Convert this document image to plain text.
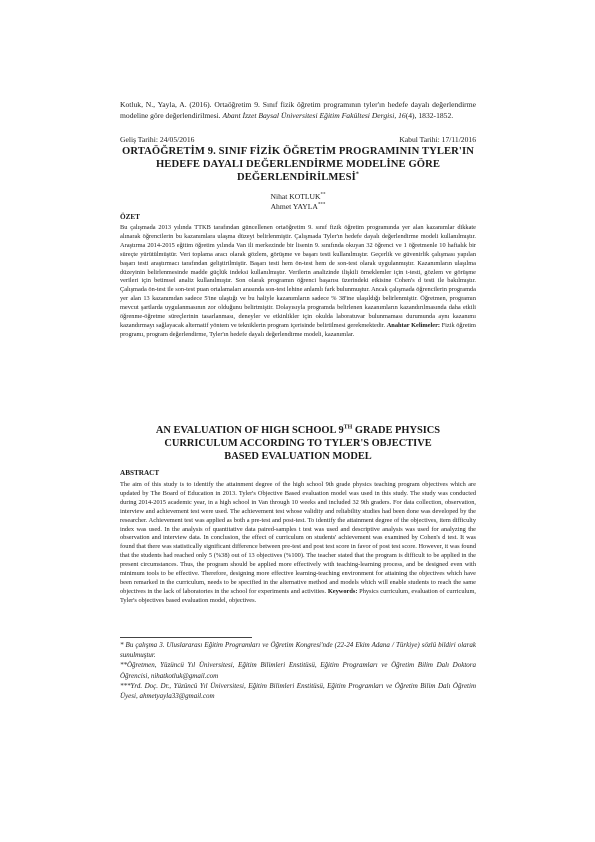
Kotluk, N., Yayla, A. (2016). Ortaöğretim 9. Sınıf fizik öğretim programının tyler'ın hedefe dayalı değerlendirme modeline göre değerlendirilmesi. Abant İzzet Baysal Üniversitesi Eğitim Fakültesi Dergisi, 16(4), 1832-1852.
Geliş Tarihi: 24/05/2016	Kabul Tarihi: 17/11/2016
ORTAÖĞRETİM 9. SINIF FİZİK ÖĞRETİM PROGRAMININ TYLER'IN HEDEFE DAYALI DEĞERLENDİRME MODELİNE GÖRE DEĞERLENDİRİLMESİ*
Nihat KOTLUK**
Ahmet YAYLA***
ÖZET
Bu çalışmada 2013 yılında TTKB tarafından güncellenen ortaöğretim 9. sınıf fizik öğretim programında yer alan kazanımlar dikkate alınarak öğrencilerin bu kazanımlara ulaşma düzeyi belirlenmiştir. Çalışmada Tyler'ın hedefe dayalı değerlendirme modeli kullanılmıştır. Araştırma 2014-2015 eğitim öğretim yılında Van ili merkezinde bir lisenin 9. sınıfında okuyan 32 öğrenci ve 1 öğretmenle 10 haftalık bir süreçte yürütülmüştür. Veri toplama aracı olarak gözlem, görüşme ve başarı testi kullanılmıştır. Geçerlik ve güvenirlik çalışması yapılan başarı testi araştırmacı tarafından geliştirilmiştir. Başarı testi hem ön-test hem de son-test olarak uygulanmıştır. Kazanımların ulaşılma düzeyinin belirlenmesinde madde güçlük indeksi kullanılmıştır. Verilerin analizinde ilişkili örneklemler için t-testi, gözlem ve görüşme verileri için betimsel analiz kullanılmıştır. Son olarak programın öğrenci başarısı üzerindeki etkisine Cohen's d testi ile bakılmıştır. Çalışmada ön-test ile son-test puan ortalamaları arasında son-test lehine anlamlı fark bulunmuştur. Ancak çalışmada öğrencilerin programda yer alan 13 kazanımdan sadece 5'ine ulaştığı ve bu haliyle kazanımların sadece % 38'ine ulaşıldığı belirlenmiştir. Öğretmen, programın mevcut şartlarda uygulanmasının zor olduğunu belirtmiştir. Dolayısıyla programda belirlenen kazanımların kazandırılmasında daha etkili öğrenme-öğretme süreçlerinin tasarlanması, deneyler ve etkinlikler için okulda laboratuvar bulunmaması durumunda aynı kazanımı kazandırmayı sağlayacak alternatif yöntem ve tekniklerin program içerisinde belirtilmesi gerekmektedir. Anahtar Kelimeler: Fizik öğretim programı, program değerlendirme, Tyler'ın hedefe dayalı değerlendirme modeli, kazanımlar.
AN EVALUATION OF HIGH SCHOOL 9TH GRADE PHYSICS
CURRICULUM ACCORDING TO TYLER'S OBJECTIVE
BASED EVALUATION MODEL
ABSTRACT
The aim of this study is to identify the attainment degree of the high school 9th grade physics teaching program objectives which are updated by The Board of Education in 2013. Tyler's Objective Based evaluation model was used in this study. The study was conducted during 2014-2015 academic year, in a high school in Van through 10 weeks and included 32 9th graders. For data collection, observation, interview and achievement test were used. The achievement test whose validity and reliability studies had been done was developed by the researcher. Achievement test was applied as both a pre-test and post-test. To identify the attainment degree of the objectives, item difficulty index was used. In the analysis of quantitative data paired-samples t test was used and descriptive analysis was used for analyzing the observation and interview data. In conclusion, the effect of curriculum on students' achievement was examined by Cohen's d test. It was found that there was statistically significant difference between pre-test and post test score in favor of post test score. However, it was found that the students had reached only 5 (%38) out of 13 objectives (%100). The teacher stated that the program is difficult to be applied in the present circumstances. Thus, the program should be applied more effectively with teaching-learning process, and be designed even with minimum tools to be effective. Therefore, designing more effective learning-teaching environment for attaining the objectives which have been remarked in the curriculum, needs to be specified in the alternative method and models which will enable students to reach the same objectives in the lack of laboratories in the school for experiments and activities. Keywords: Physics curriculum, evaluation of curriculum, Tyler's objectives based evaluation model, objectives.
* Bu çalışma 3. Uluslararası Eğitim Programları ve Öğretim Kongresi'nde (22-24 Ekim Adana / Türkiye) sözlü bildiri olarak sunulmuştur.
**Öğretmen, Yüzüncü Yıl Üniversitesi, Eğitim Bilimleri Enstitüsü, Eğitim Programları ve Öğretim Bilim Dalı Doktora Öğrencisi, nihatkotluk@gmail.com
***Yrd. Doç. Dr., Yüzüncü Yıl Üniversitesi, Eğitim Bilimleri Enstitüsü, Eğitim Programları ve Öğretim Bilim Dalı Öğretim Üyesi, ahmetyayla33@gmail.com
